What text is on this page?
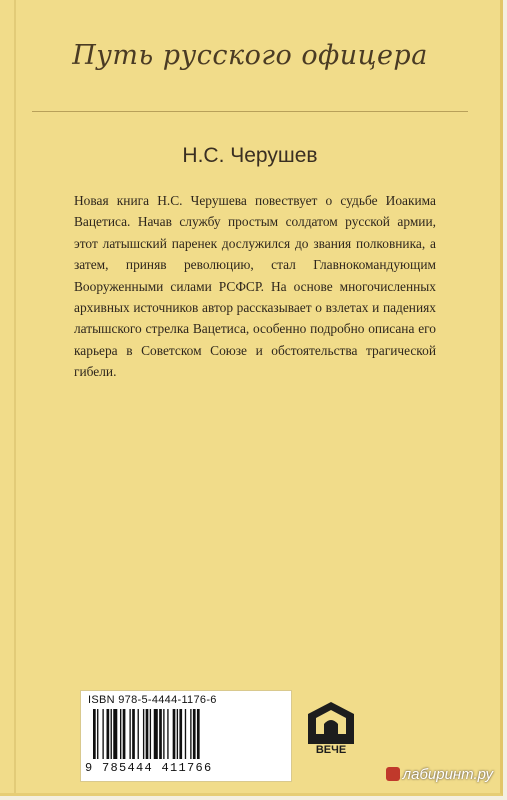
Путь русского офицера
Н.С. Черушев

Новая книга Н.С. Черушева повествует о судьбе Иоакима Вацетиса. Начав службу простым солдатом русской армии, этот латышский паренек дослужился до звания полковника, а затем, приняв революцию, стал Главнокомандующим Вооруженными силами РСФСР. На основе многочисленных архивных источников автор рассказывает о взлетах и падениях латышского стрелка Вацетиса, особенно подробно описана его карьера в Советском Союзе и обстоятельства трагической гибели.

ISBN 978-5-4444-1176-6
9 785444 411766
ВЕЧЕ
лабиринт.ру
